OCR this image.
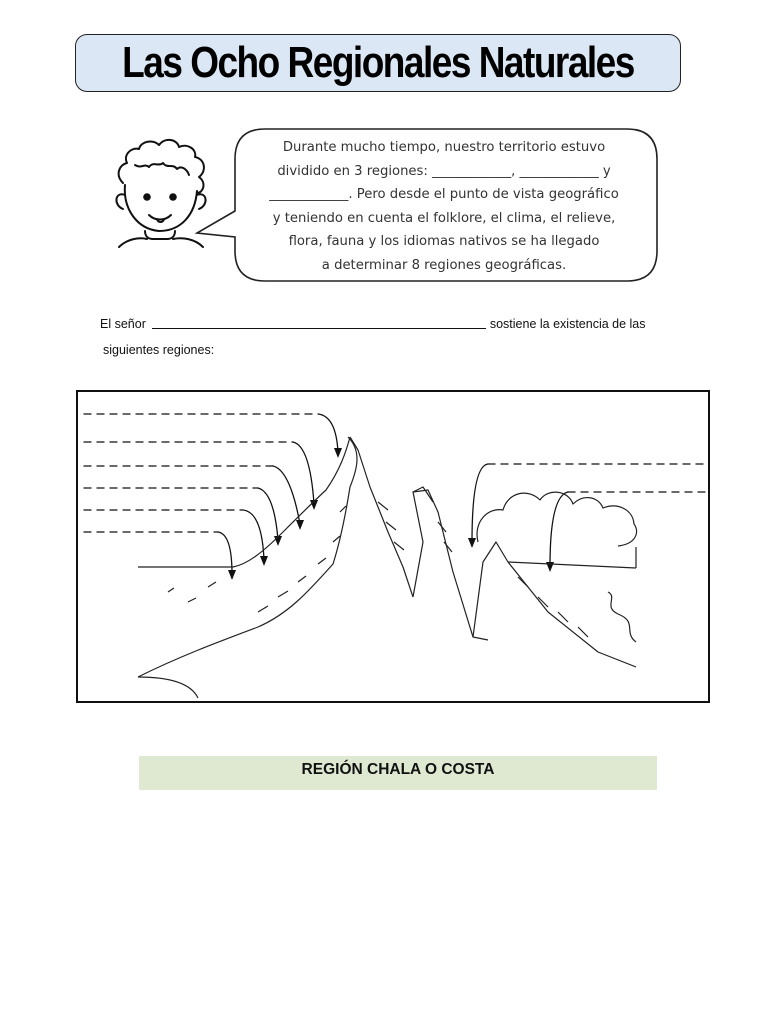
Las Ocho Regionales Naturales
Durante mucho tiempo, nuestro territorio estuvo
dividido en 3 regiones: ____________, ____________ y
____________. Pero desde el punto de vista geográfico
y teniendo en cuenta el folklore, el clima, el relieve,
flora, fauna y los idiomas nativos se ha llegado
a determinar 8 regiones geográficas.
El señor	sostiene la existencia de las
siguientes regiones:
REGIÓN CHALA O COSTA
